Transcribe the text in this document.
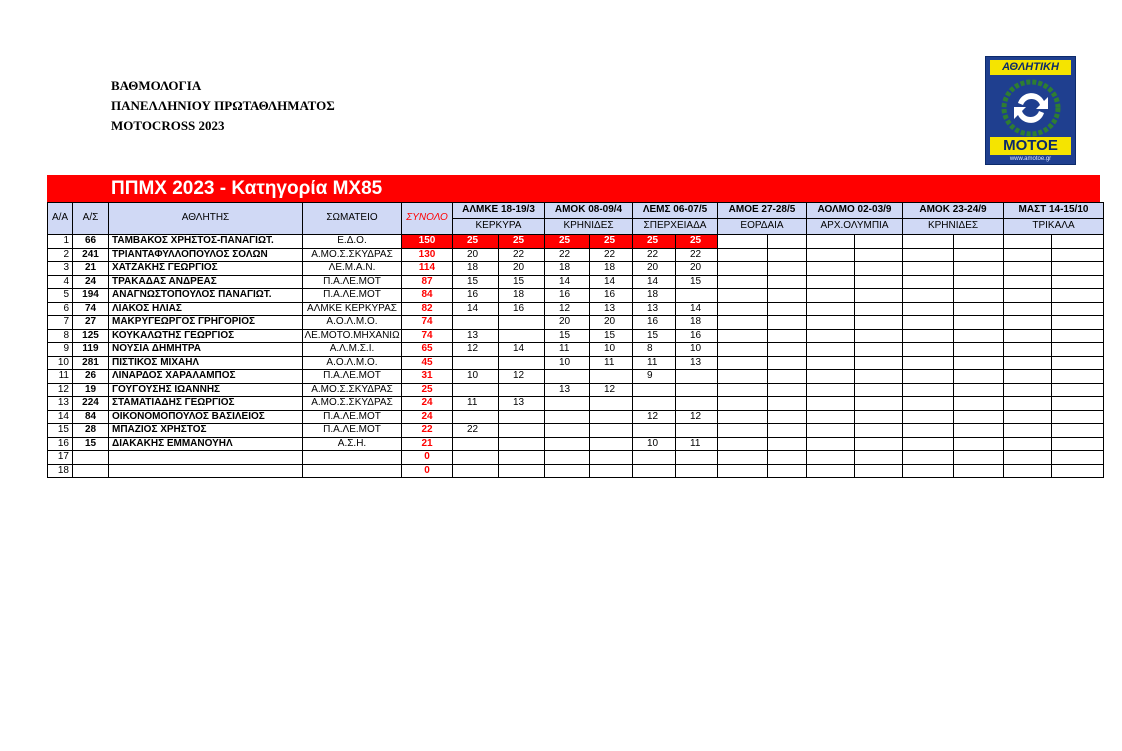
ΒΑΘΜΟΛΟΓΙΑ
ΠΑΝΕΛΛΗΝΙΟΥ ΠΡΩΤΑΘΛΗΜΑΤΟΣ
MOTOCROSS 2023
ΑΘΛΗΤΙΚΗ
ΜΟΤΟΕ
www.amotoe.gr
ΠΠΜΧ 2023 - Κατηγορία MX85
Α/Α	Α/Σ	ΑΘΛΗΤΗΣ	ΣΩΜΑΤΕΙΟ	ΣΥΝΟΛΟ	ΑΛΜΚΕ 18-19/3		ΑΜΟΚ 08-09/4		ΛΕΜΣ 06-07/5		ΑΜΟΕ 27-28/5		ΑΟΛΜΟ 02-03/9		ΑΜΟΚ 23-24/9		ΜΑΣΤ 14-15/10	
					ΚΕΡΚΥΡΑ		ΚΡΗΝΙΔΕΣ		ΣΠΕΡΧΕΙΑΔΑ		ΕΟΡΔΑΙΑ		ΑΡΧ.ΟΛΥΜΠΙΑ		ΚΡΗΝΙΔΕΣ		ΤΡΙΚΑΛΑ	
1	66	ΤΑΜΒΑΚΟΣ ΧΡΗΣΤΟΣ-ΠΑΝΑΓΙΩΤ.	Ε.Δ.Ο.	150	25	25	25	25	25	25								
2	241	ΤΡΙΑΝΤΑΦΥΛΛΟΠΟΥΛΟΣ ΣΟΛΩΝ	Α.ΜΟ.Σ.ΣΚΥΔΡΑΣ	130	20	22	22	22	22	22								
3	21	ΧΑΤΖΑΚΗΣ ΓΕΩΡΓΙΟΣ	ΛΕ.Μ.Α.Ν.	114	18	20	18	18	20	20								
4	24	ΤΡΑΚΑΔΑΣ ΑΝΔΡΕΑΣ	Π.Α.ΛΕ.ΜΟΤ	87	15	15	14	14	14	15								
5	194	ΑΝΑΓΝΩΣΤΟΠΟΥΛΟΣ ΠΑΝΑΓΙΩΤ.	Π.Α.ΛΕ.ΜΟΤ	84	16	18	16	16	18									
6	74	ΛΙΑΚΟΣ ΗΛΙΑΣ	ΑΛΜΚΕ ΚΕΡΚΥΡΑΣ	82	14	16	12	13	13	14								
7	27	ΜΑΚΡΥΓΕΩΡΓΟΣ ΓΡΗΓΟΡΙΟΣ	Α.Ο.Λ.Μ.Ο.	74			20	20	16	18								
8	125	ΚΟΥΚΑΛΩΤΗΣ ΓΕΩΡΓΙΟΣ	ΛΕ.ΜΟΤΟ.ΜΗΧΑΝΙΩ	74	13		15	15	15	16								
9	119	ΝΟΥΣΙΑ ΔΗΜΗΤΡΑ	Α.Λ.Μ.Σ.Ι.	65	12	14	11	10	8	10								
10	281	ΠΙΣΤΙΚΟΣ ΜΙΧΑΗΛ	Α.Ο.Λ.Μ.Ο.	45			10	11	11	13								
11	26	ΛΙΝΑΡΔΟΣ ΧΑΡΑΛΑΜΠΟΣ	Π.Α.ΛΕ.ΜΟΤ	31	10	12			9									
12	19	ΓΟΥΓΟΥΣΗΣ ΙΩΑΝΝΗΣ	Α.ΜΟ.Σ.ΣΚΥΔΡΑΣ	25			13	12										
13	224	ΣΤΑΜΑΤΙΑΔΗΣ ΓΕΩΡΓΙΟΣ	Α.ΜΟ.Σ.ΣΚΥΔΡΑΣ	24	11	13												
14	84	ΟΙΚΟΝΟΜΟΠΟΥΛΟΣ ΒΑΣΙΛΕΙΟΣ	Π.Α.ΛΕ.ΜΟΤ	24					12	12								
15	28	ΜΠΑΖΙΟΣ ΧΡΗΣΤΟΣ	Π.Α.ΛΕ.ΜΟΤ	22	22													
16	15	ΔΙΑΚΑΚΗΣ ΕΜΜΑΝΟΥΗΛ	Α.Σ.Η.	21					10	11								
17				0														
18				0														
